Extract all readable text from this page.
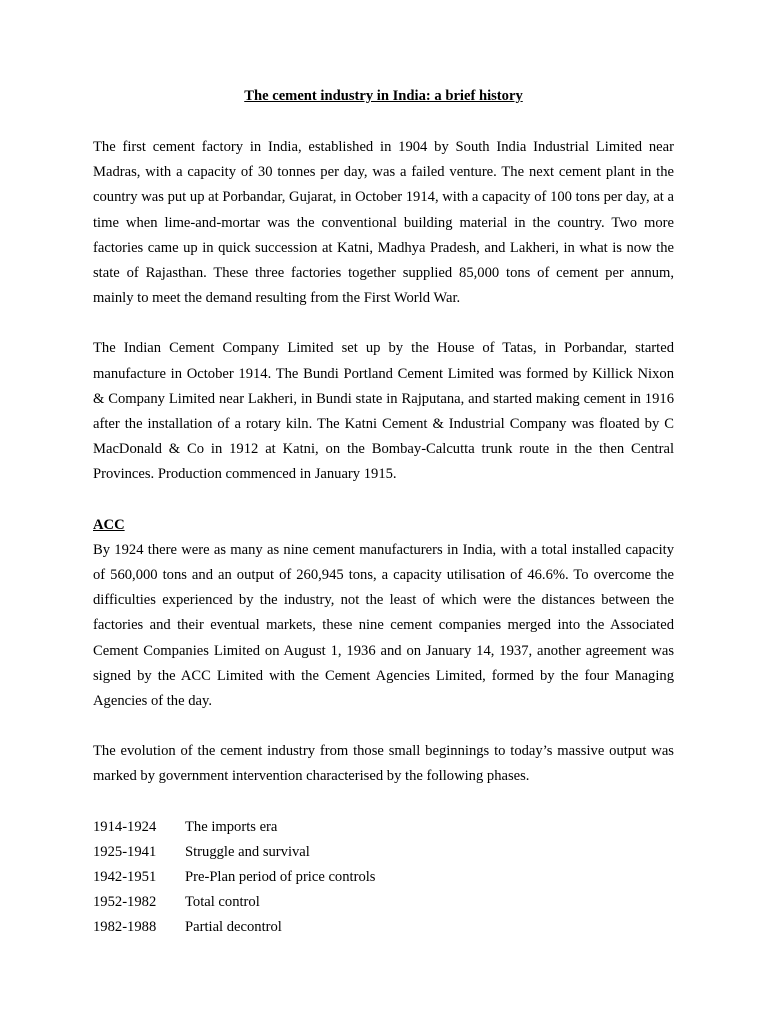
The cement industry in India: a brief history

The first cement factory in India, established in 1904 by South India Industrial Limited near Madras, with a capacity of 30 tonnes per day, was a failed venture. The next cement plant in the country was put up at Porbandar, Gujarat, in October 1914, with a capacity of 100 tons per day, at a time when lime-and-mortar was the conventional building material in the country. Two more factories came up in quick succession at Katni, Madhya Pradesh, and Lakheri, in what is now the state of Rajasthan. These three factories together supplied 85,000 tons of cement per annum, mainly to meet the demand resulting from the First World War.

The Indian Cement Company Limited set up by the House of Tatas, in Porbandar, started manufacture in October 1914. The Bundi Portland Cement Limited was formed by Killick Nixon & Company Limited near Lakheri, in Bundi state in Rajputana, and started making cement in 1916 after the installation of a rotary kiln. The Katni Cement & Industrial Company was floated by C MacDonald & Co in 1912 at Katni, on the Bombay-Calcutta trunk route in the then Central Provinces. Production commenced in January 1915.

ACC

By 1924 there were as many as nine cement manufacturers in India, with a total installed capacity of 560,000 tons and an output of 260,945 tons, a capacity utilisation of 46.6%. To overcome the difficulties experienced by the industry, not the least of which were the distances between the factories and their eventual markets, these nine cement companies merged into the Associated Cement Companies Limited on August 1, 1936 and on January 14, 1937, another agreement was signed by the ACC Limited with the Cement Agencies Limited, formed by the four Managing Agencies of the day.

The evolution of the cement industry from those small beginnings to today’s massive output was marked by government intervention characterised by the following phases.

1914-1924	The imports era
1925-1941	Struggle and survival
1942-1951	Pre-Plan period of price controls
1952-1982	Total control
1982-1988	Partial decontrol
